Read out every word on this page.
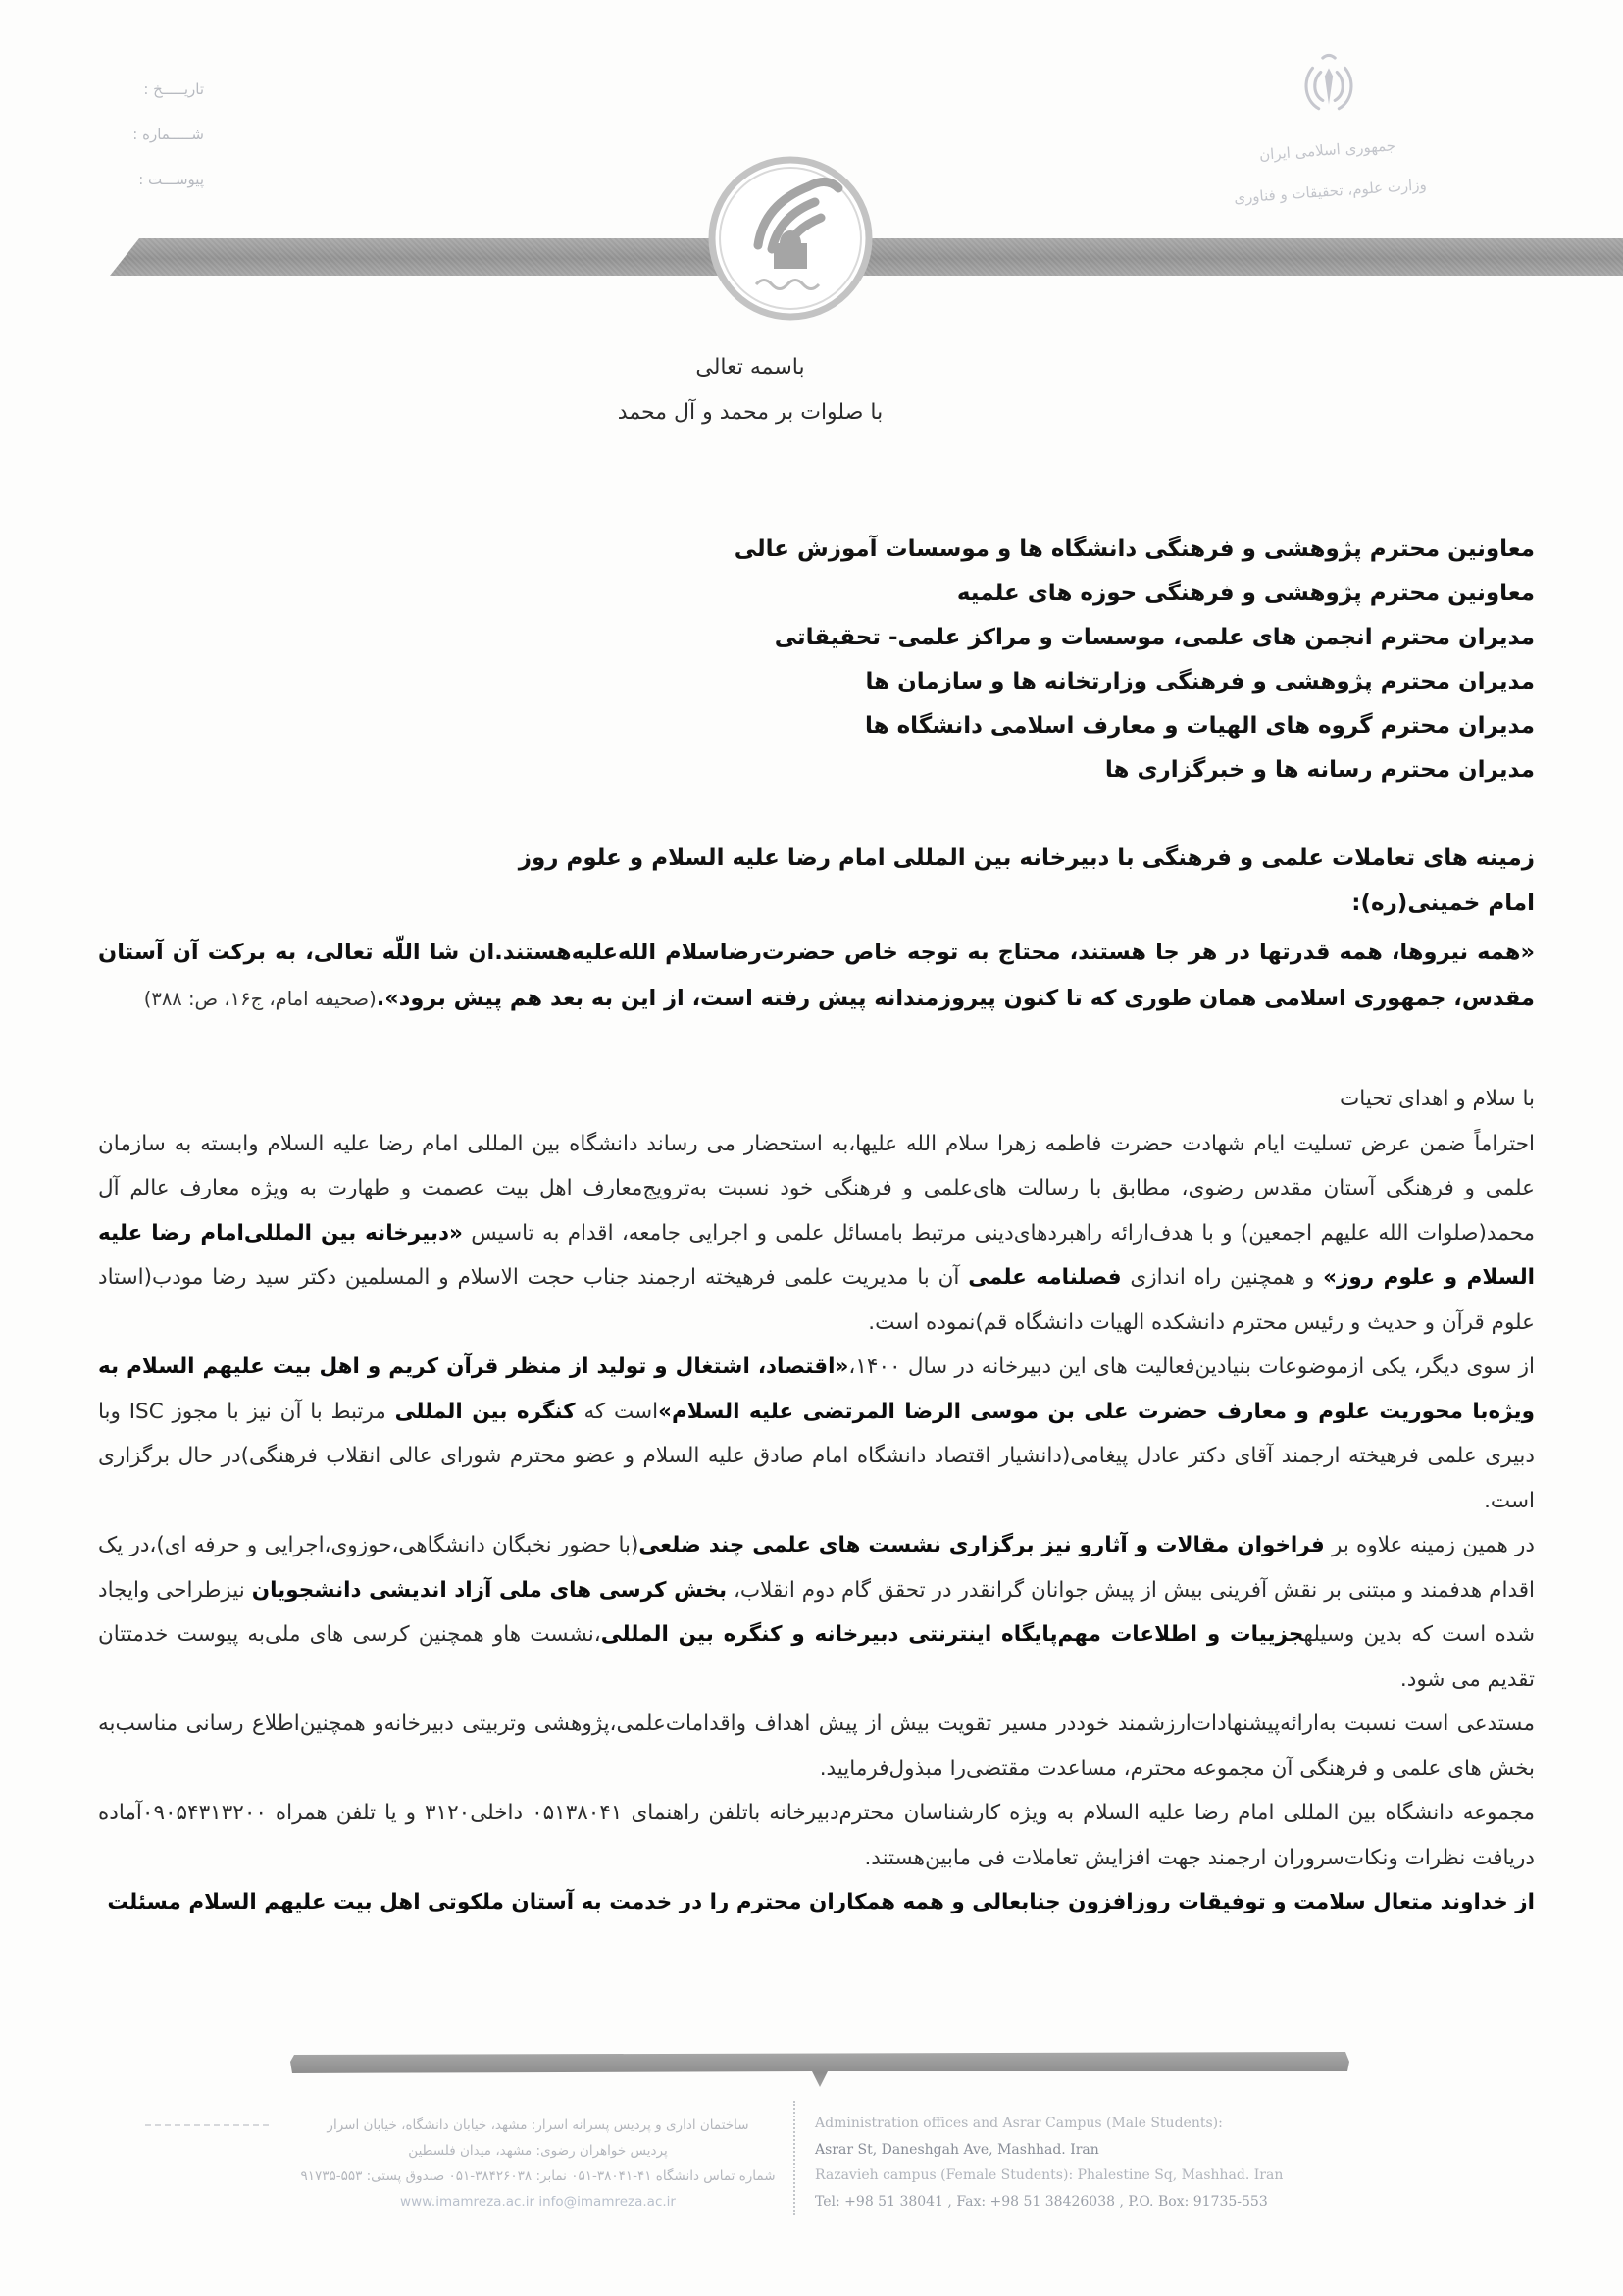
تاریـــــخ :

شـــــماره :

پیوســـت :

جمهوری اسلامی ایران

وزارت علوم، تحقیقات و فناوری

باسمه تعالی

با صلوات بر محمد و آل محمد

معاونین محترم پژوهشی و فرهنگی دانشگاه ها و موسسات آموزش عالی

معاونین محترم پژوهشی و فرهنگی حوزه های علمیه

مدیران محترم انجمن های علمی، موسسات و مراکز علمی- تحقیقاتی

مدیران محترم پژوهشی و فرهنگی وزارتخانه ها و سازمان ها

مدیران محترم گروه های الهیات و معارف اسلامی دانشگاه ها

مدیران محترم رسانه ها و خبرگزاری ها

زمینه های تعاملات علمی و فرهنگی با دبیرخانه بین المللی امام رضا علیه السلام و علوم روز

امام خمینی(ره):

«همه نیروها، همه قدرتها در هر جا هستند، محتاج به توجه خاص حضرت‌رضاسلام الله‌علیه‌هستند.ان شا اللّه تعالی، به برکت آن آستان مقدس، جمهوری اسلامی همان طوری که تا کنون پیروزمندانه پیش رفته است، از این به بعد هم پیش برود».(صحیفه امام، ج۱۶، ص: ۳۸۸)

با سلام و اهدای تحیات

احتراماً ضمن عرض تسلیت ایام شهادت حضرت فاطمه زهرا سلام الله علیها،به استحضار می رساند دانشگاه بین المللی امام رضا علیه السلام وابسته به سازمان علمی و فرهنگی آستان مقدس رضوی، مطابق با رسالت های‌علمی و فرهنگی خود نسبت به‌ترویج‌معارف اهل بیت عصمت و طهارت به ویژه معارف عالم آل محمد(صلوات الله علیهم اجمعین) و با هدف‌ارائه راهبردهای‌دینی مرتبط بامسائل علمی و اجرایی جامعه، اقدام به تاسیس «دبیرخانه بین المللی‌امام رضا علیه السلام و علوم روز» و همچنین راه اندازی فصلنامه علمی آن با مدیریت علمی فرهیخته ارجمند جناب حجت الاسلام و المسلمین دکتر سید رضا مودب(استاد علوم قرآن و حدیث و رئیس محترم دانشکده الهیات دانشگاه قم)نموده است.

از سوی دیگر، یکی ازموضوعات بنیادین‌فعالیت های این دبیرخانه در سال ۱۴۰۰،«اقتصاد، اشتغال و تولید از منظر قرآن کریم و اهل بیت علیهم السلام به ویژه‌با محوریت علوم و معارف حضرت علی بن موسی الرضا المرتضی علیه السلام»است که کنگره بین المللی مرتبط با آن نیز با مجوز ISC وبا دبیری علمی فرهیخته ارجمند آقای دکتر عادل پیغامی(دانشیار اقتصاد دانشگاه امام صادق علیه السلام و عضو محترم شورای عالی انقلاب فرهنگی)در حال برگزاری است.

در همین زمینه علاوه بر فراخوان مقالات و آثارو نیز برگزاری نشست های علمی چند ضلعی(با حضور نخبگان دانشگاهی،حوزوی،اجرایی و حرفه ای)،در یک اقدام هدفمند و مبتنی بر نقش آفرینی بیش از پیش جوانان گرانقدر در تحقق گام دوم انقلاب، بخش کرسی های ملی آزاد اندیشی دانشجویان نیزطراحی وایجاد شده است که بدین وسیلهجزییات و اطلاعات مهم‌پایگاه اینترنتی دبیرخانه و کنگره بین المللی،نشست هاو همچنین کرسی های ملی‌به پیوست خدمتتان تقدیم می شود.

مستدعی است نسبت به‌ارائه‌پیشنهادات‌ارزشمند خوددر مسیر تقویت بیش از پیش اهداف واقدامات‌علمی،پژوهشی وتربیتی دبیرخانه‌و همچنین‌اطلاع رسانی مناسب‌به بخش های علمی و فرهنگی آن مجموعه محترم، مساعدت مقتضی‌را مبذول‌فرمایید.

مجموعه دانشگاه بین المللی امام رضا علیه السلام به ویژه کارشناسان محترم‌دبیرخانه باتلفن راهنمای ۰۵۱۳۸۰۴۱ داخلی۳۱۲۰ و یا تلفن همراه ۰۹۰۵۴۳۱۳۲۰۰آماده دریافت نظرات ونکات‌سروران ارجمند جهت افزایش تعاملات فی مابین‌هستند.

از خداوند متعال سلامت و توفیقات روزافزون جنابعالی و همه همکاران محترم را در خدمت به آستان ملکوتی اهل بیت علیهم السلام مسئلت

ساختمان اداری و پردیس پسرانه اسرار: مشهد، خیابان دانشگاه، خیابان اسرار

پردیس خواهران رضوی: مشهد، میدان فلسطین

شماره تماس دانشگاه ۴۱-۳۸۰۴۱-۰۵۱ نمابر: ۳۸۴۲۶۰۳۸-۰۵۱ صندوق پستی: ۵۵۳-۹۱۷۳۵

www.imamreza.ac.ir info@imamreza.ac.ir

Administration offices and Asrar Campus (Male Students):

Asrar St, Daneshgah Ave, Mashhad. Iran

Razavieh campus (Female Students): Phalestine Sq, Mashhad. Iran

Tel: +98 51 38041 , Fax: +98 51 38426038 , P.O. Box: 91735-553
